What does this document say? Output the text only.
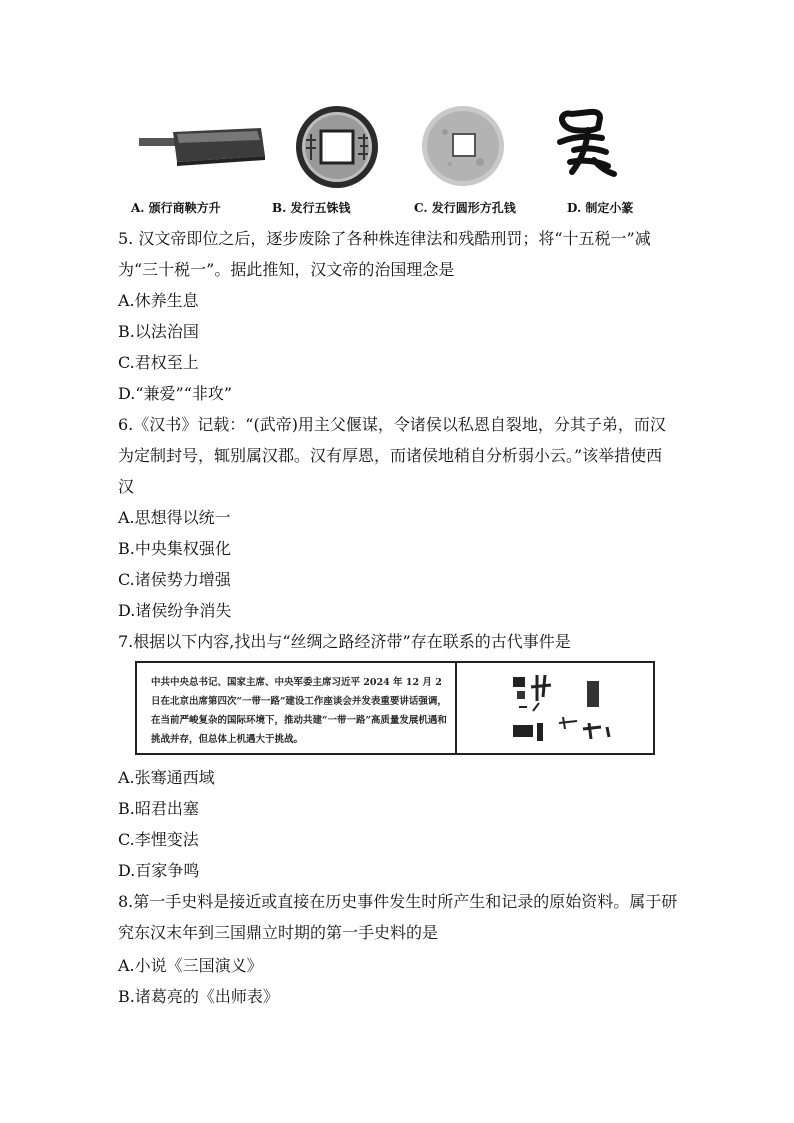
A. 颁行商鞅方升	B. 发行五铢钱	C. 发行圆形方孔钱	D. 制定小篆
5. 汉文帝即位之后，逐步废除了各种株连律法和残酷刑罚；将“十五税一”减
为“三十税一”。据此推知，汉文帝的治国理念是
A.休养生息
B.以法治国
C.君权至上
D.“兼爱”“非攻”
6.《汉书》记载：“(武帝)用主父偃谋，令诸侯以私恩自裂地，分其子弟，而汉
为定制封号，辄别属汉郡。汉有厚恩，而诸侯地稍自分析弱小云。”该举措使西
汉
A.思想得以统一
B.中央集权强化
C.诸侯势力增强
D.诸侯纷争消失
7.根据以下内容,找出与“丝绸之路经济带”存在联系的古代事件是
中共中央总书记、国家主席、中央军委主席习近平 2024 年 12 月 2 日在北京出席第四次“一带一路”建设工作座谈会并发表重要讲话强调，在当前严峻复杂的国际环境下，推动共建“一带一路”高质量发展机遇和挑战并存，但总体上机遇大于挑战。
A.张骞通西域
B.昭君出塞
C.李悝变法
D.百家争鸣
8.第一手史料是接近或直接在历史事件发生时所产生和记录的原始资料。属于研
究东汉末年到三国鼎立时期的第一手史料的是
A.小说《三国演义》
B.诸葛亮的《出师表》
